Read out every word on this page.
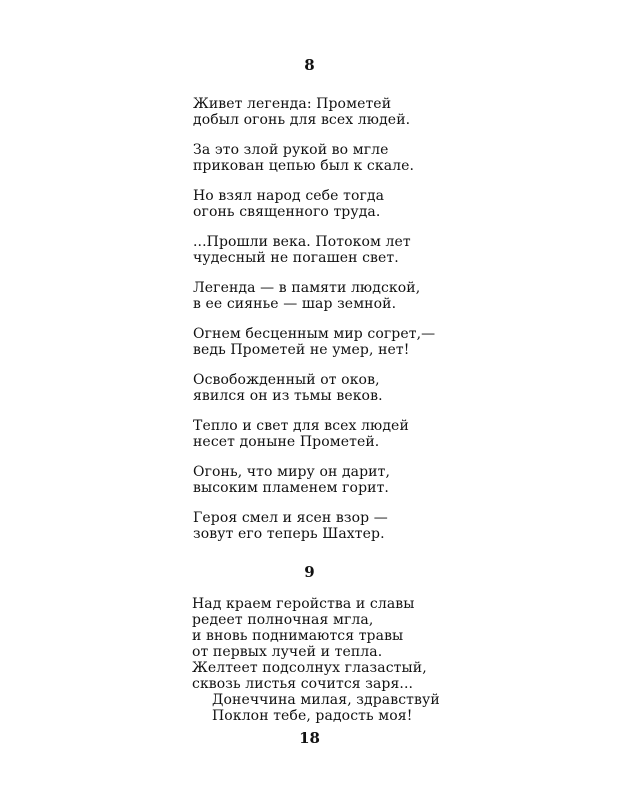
8

Живет легенда: Прометей
добыл огонь для всех людей.

За это злой рукой во мгле
прикован цепью был к скале.

Но взял народ себе тогда
огонь священного труда.

...Прошли века. Потоком лет
чудесный не погашен свет.

Легенда — в памяти людской,
в ее сиянье — шар земной.

Огнем бесценным мир согрет,—
ведь Прометей не умер, нет!

Освобожденный от оков,
явился он из тьмы веков.

Тепло и свет для всех людей
несет доныне Прометей.

Огонь, что миру он дарит,
высоким пламенем горит.

Героя смел и ясен взор —
зовут его теперь Шахтер.

9

Над краем геройства и славы
редеет полночная мгла,
и вновь поднимаются травы
от первых лучей и тепла.
Желтеет подсолнух глазастый,
сквозь листья сочится заря...
Донеччина милая, здравствуй
Поклон тебе, радость моя!

18
